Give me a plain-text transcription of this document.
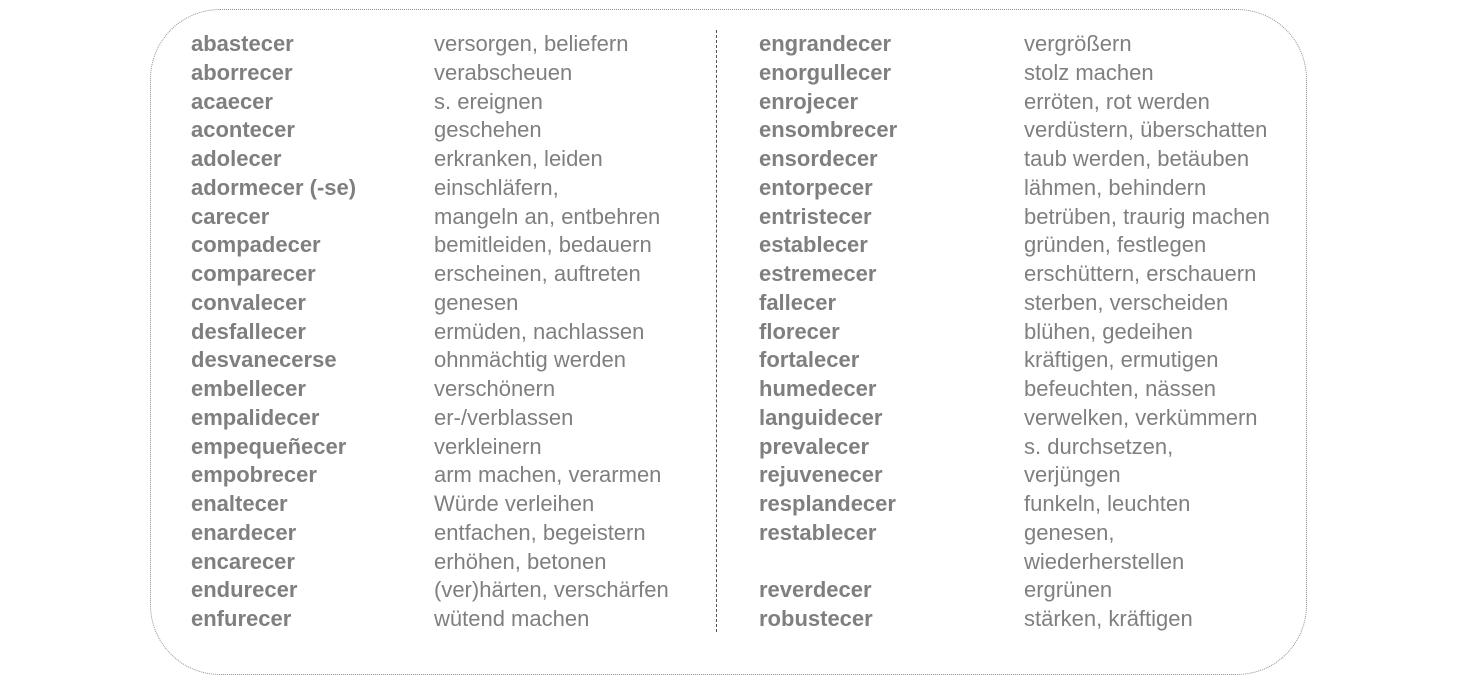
abastecer	versorgen, beliefern
aborrecer	verabscheuen
acaecer	s. ereignen
acontecer	geschehen
adolecer	erkranken, leiden
adormecer (-se)	einschläfern,
carecer	mangeln an, entbehren
compadecer	bemitleiden, bedauern
comparecer	erscheinen, auftreten
convalecer	genesen
desfallecer	ermüden, nachlassen
desvanecerse	ohnmächtig werden
embellecer	verschönern
empalidecer	er-/verblassen
empequeñecer	verkleinern
empobrecer	arm machen, verarmen
enaltecer	Würde verleihen
enardecer	entfachen, begeistern
encarecer	erhöhen, betonen
endurecer	(ver)härten, verschärfen
enfurecer	wütend machen
engrandecer	vergrößern
enorgullecer	stolz machen
enrojecer	erröten, rot werden
ensombrecer	verdüstern, überschatten
ensordecer	taub werden, betäuben
entorpecer	lähmen, behindern
entristecer	betrüben, traurig machen
establecer	gründen, festlegen
estremecer	erschüttern, erschauern
fallecer	sterben, verscheiden
florecer	blühen, gedeihen
fortalecer	kräftigen, ermutigen
humedecer	befeuchten, nässen
languidecer	verwelken, verkümmern
prevalecer	s. durchsetzen,
rejuvenecer	verjüngen
resplandecer	funkeln, leuchten
restablecer	genesen,
wiederherstellen
reverdecer	ergrünen
robustecer	stärken, kräftigen
